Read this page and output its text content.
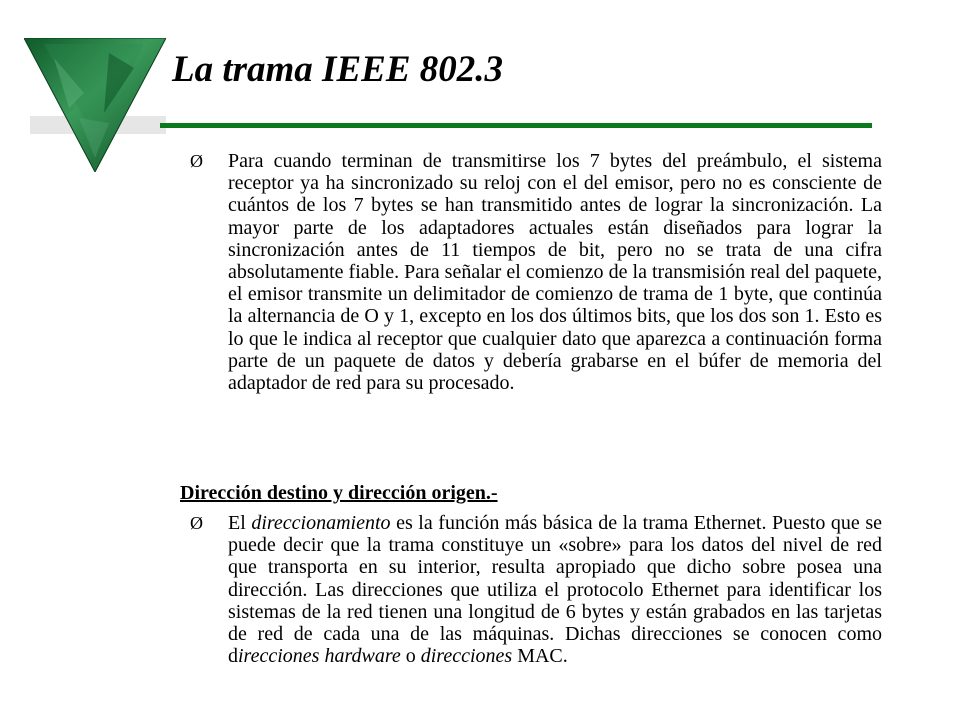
La trama IEEE 802.3
Ø	Para cuando terminan de transmitirse los 7 bytes del preámbulo, el sistema receptor ya ha sincronizado su reloj con el del emisor, pero no es consciente de cuántos de los 7 bytes se han transmitido antes de lograr la sincronización. La mayor parte de los adaptadores actuales están diseñados para lograr la sincronización antes de 11 tiempos de bit, pero no se trata de una cifra absolutamente fiable. Para señalar el comienzo de la transmisión real del paquete, el emisor transmite un delimitador de comienzo de trama de 1 byte, que continúa la alternancia de O y 1, excepto en los dos últimos bits, que los dos son 1. Esto es lo que le indica al receptor que cualquier dato que aparezca a continuación forma parte de un paquete de datos y debería grabarse en el búfer de memoria del adaptador de red para su procesado.

Dirección destino y dirección origen.-
Ø	El direccionamiento es la función más básica de la trama Ethernet. Puesto que se puede decir que la trama constituye un «sobre» para los datos del nivel de red que transporta en su interior, resulta apropiado que dicho sobre posea una dirección. Las direcciones que utiliza el protocolo Ethernet para identificar los sistemas de la red tienen una longitud de 6 bytes y están grabados en las tarjetas de red de cada una de las máquinas. Dichas direcciones se conocen como direcciones hardware o direcciones MAC.
